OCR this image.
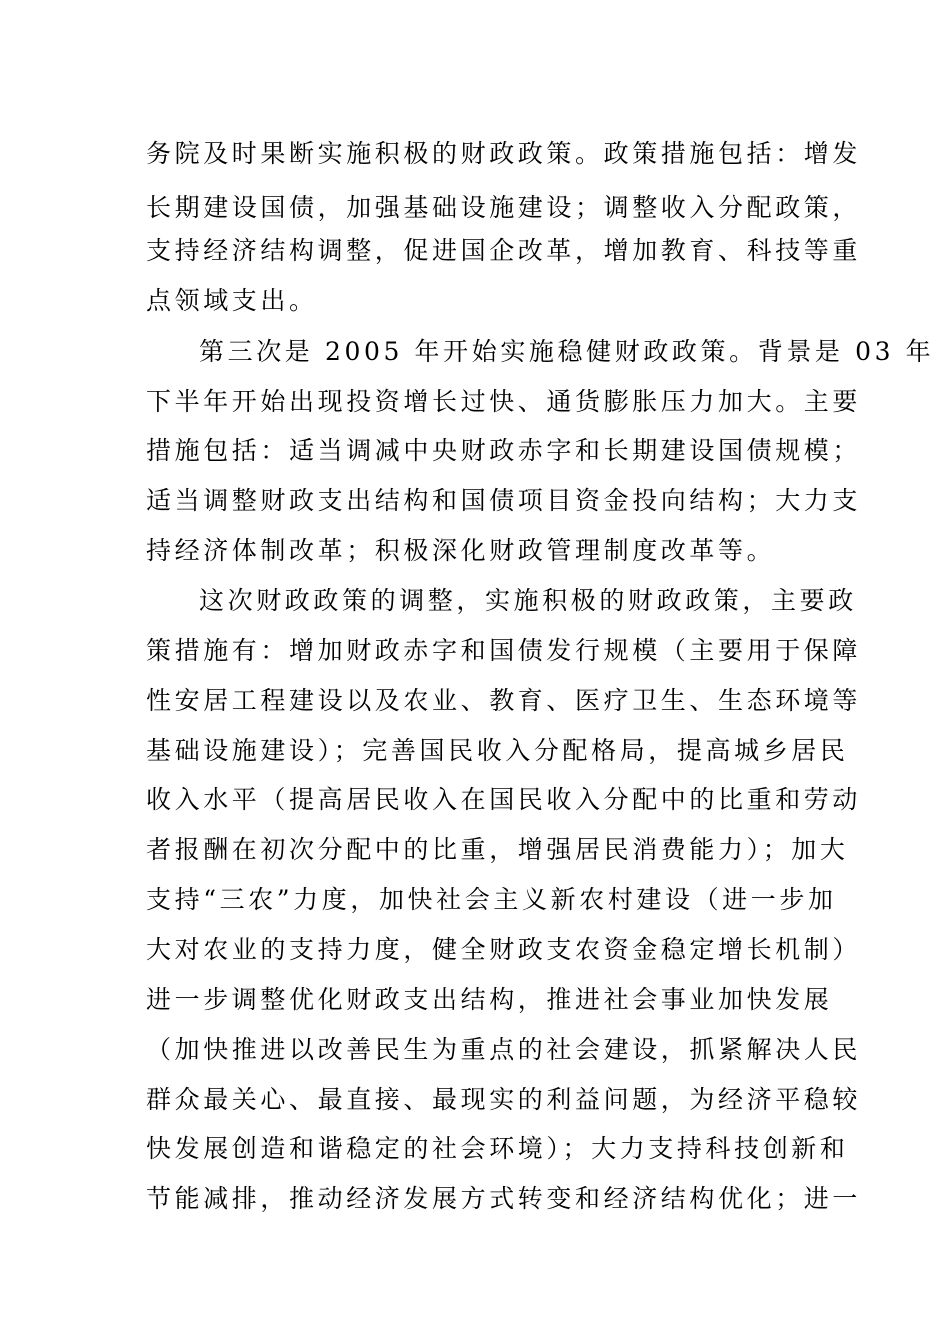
务院及时果断实施积极的财政政策。政策措施包括：增发
长期建设国债，加强基础设施建设；调整收入分配政策，
支持经济结构调整，促进国企改革，增加教育、科技等重
点领域支出。
第三次是 2005 年开始实施稳健财政政策。背景是 03 年
下半年开始出现投资增长过快、通货膨胀压力加大。主要
措施包括：适当调减中央财政赤字和长期建设国债规模；
适当调整财政支出结构和国债项目资金投向结构；大力支
持经济体制改革；积极深化财政管理制度改革等。
这次财政政策的调整，实施积极的财政政策，主要政
策措施有：增加财政赤字和国债发行规模（主要用于保障
性安居工程建设以及农业、教育、医疗卫生、生态环境等
基础设施建设）；完善国民收入分配格局，提高城乡居民
收入水平（提高居民收入在国民收入分配中的比重和劳动
者报酬在初次分配中的比重，增强居民消费能力）；加大
支持“三农”力度，加快社会主义新农村建设（进一步加
大对农业的支持力度，健全财政支农资金稳定增长机制）
进一步调整优化财政支出结构，推进社会事业加快发展
（加快推进以改善民生为重点的社会建设，抓紧解决人民
群众最关心、最直接、最现实的利益问题，为经济平稳较
快发展创造和谐稳定的社会环境）；大力支持科技创新和
节能减排，推动经济发展方式转变和经济结构优化；进一
